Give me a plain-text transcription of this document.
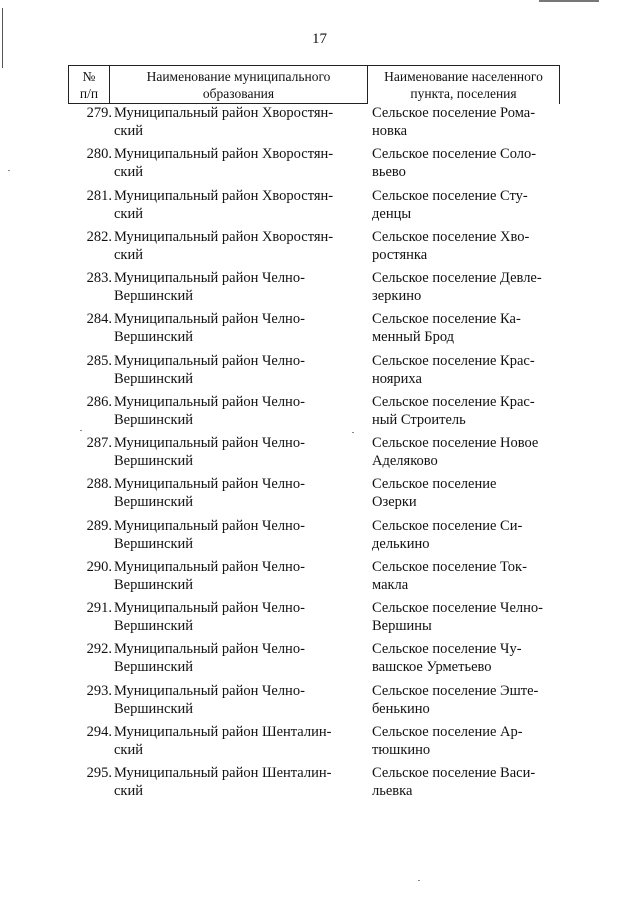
17
№
п/п
Наименование муниципального
образования
Наименование населенного
пункта, поселения
279. Муниципальный район Хворостян-
ский
Сельское поселение Рома-
новка
280. Муниципальный район Хворостян-
ский
Сельское поселение Соло-
вьево
281. Муниципальный район Хворостян-
ский
Сельское поселение Сту-
денцы
282. Муниципальный район Хворостян-
ский
Сельское поселение Хво-
ростянка
283. Муниципальный район Челно-
Вершинский
Сельское поселение Девле-
зеркино
284. Муниципальный район Челно-
Вершинский
Сельское поселение Ка-
менный Брод
285. Муниципальный район Челно-
Вершинский
Сельское поселение Крас-
нояриха
286. Муниципальный район Челно-
Вершинский
Сельское поселение Крас-
ный Строитель
287. Муниципальный район Челно-
Вершинский
Сельское поселение Новое
Аделяково
288. Муниципальный район Челно-
Вершинский
Сельское поселение
Озерки
289. Муниципальный район Челно-
Вершинский
Сельское поселение Си-
делькино
290. Муниципальный район Челно-
Вершинский
Сельское поселение Ток-
макла
291. Муниципальный район Челно-
Вершинский
Сельское поселение Челно-
Вершины
292. Муниципальный район Челно-
Вершинский
Сельское поселение Чу-
вашское Урметьево
293. Муниципальный район Челно-
Вершинский
Сельское поселение Эште-
бенькино
294. Муниципальный район Шенталин-
ский
Сельское поселение Ар-
тюшкино
295. Муниципальный район Шенталин-
ский
Сельское поселение Васи-
льевка
